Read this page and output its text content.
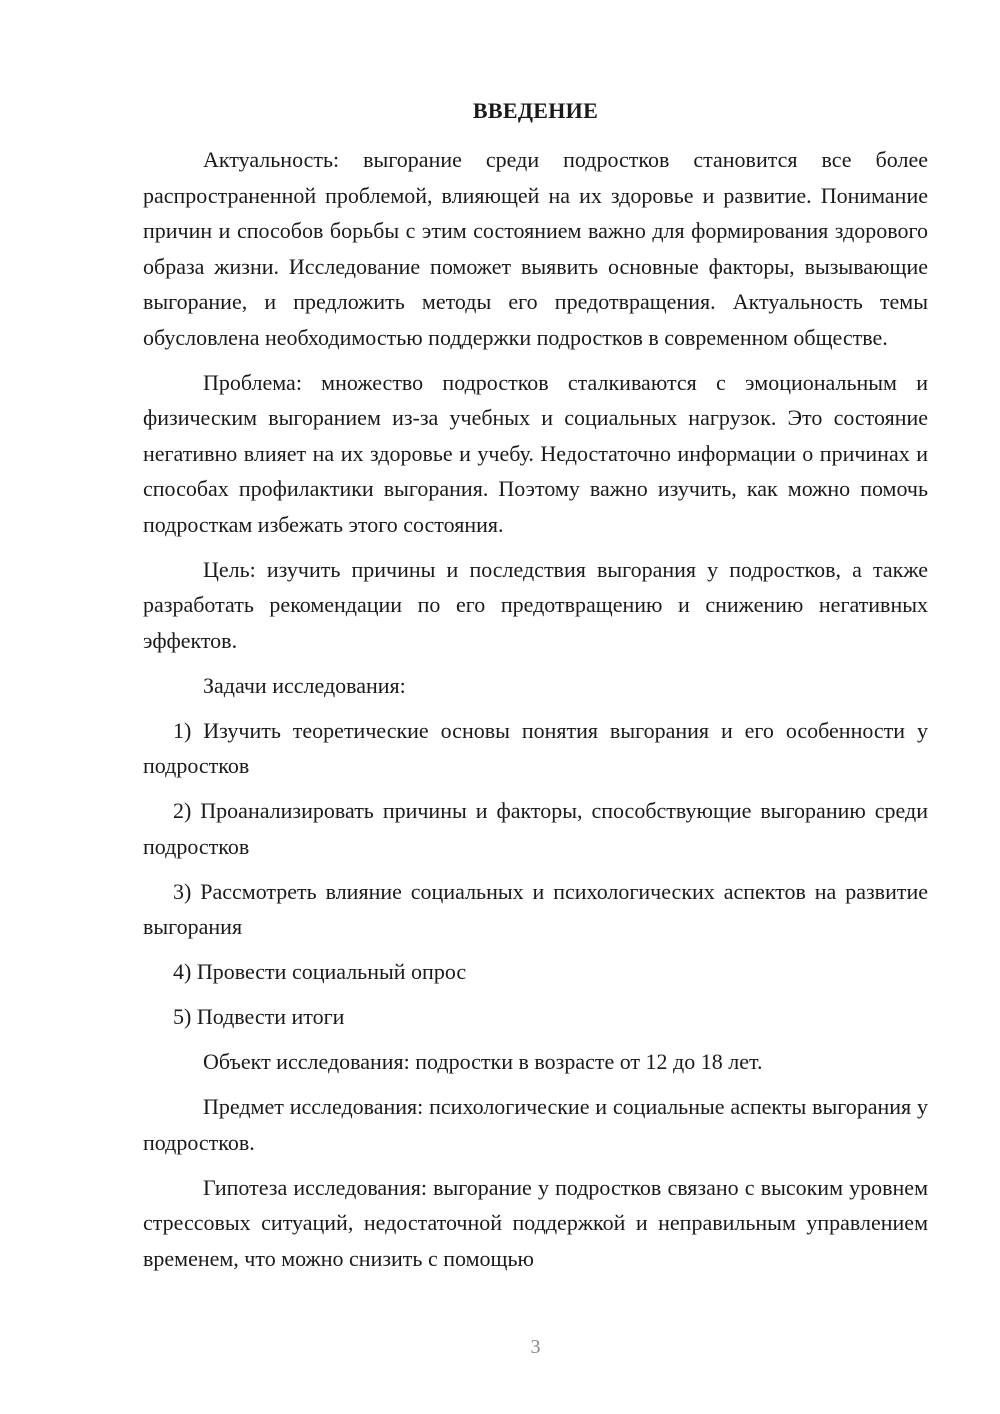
ВВЕДЕНИЕ

Актуальность: выгорание среди подростков становится все более распространенной проблемой, влияющей на их здоровье и развитие. Понимание причин и способов борьбы с этим состоянием важно для формирования здорового образа жизни. Исследование поможет выявить основные факторы, вызывающие выгорание, и предложить методы его предотвращения. Актуальность темы обусловлена необходимостью поддержки подростков в современном обществе.

Проблема: множество подростков сталкиваются с эмоциональным и физическим выгоранием из-за учебных и социальных нагрузок. Это состояние негативно влияет на их здоровье и учебу. Недостаточно информации о причинах и способах профилактики выгорания. Поэтому важно изучить, как можно помочь подросткам избежать этого состояния.

Цель: изучить причины и последствия выгорания у подростков, а также разработать рекомендации по его предотвращению и снижению негативных эффектов.

Задачи исследования:

1) Изучить теоретические основы понятия выгорания и его особенности у подростков

2) Проанализировать причины и факторы, способствующие выгоранию среди подростков

3) Рассмотреть влияние социальных и психологических аспектов на развитие выгорания

4) Провести социальный опрос

5) Подвести итоги

Объект исследования: подростки в возрасте от 12 до 18 лет.

Предмет исследования: психологические и социальные аспекты выгорания у подростков.

Гипотеза исследования: выгорание у подростков связано с высоким уровнем стрессовых ситуаций, недостаточной поддержкой и неправильным управлением временем, что можно снизить с помощью

3
